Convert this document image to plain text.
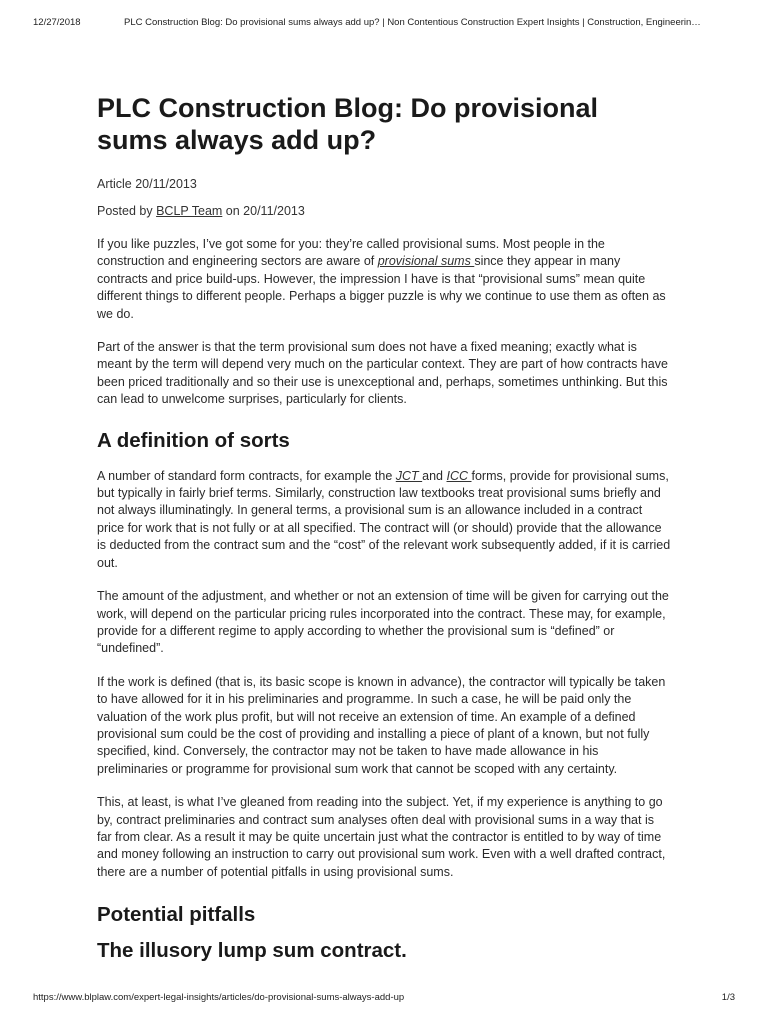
12/27/2018	PLC Construction Blog: Do provisional sums always add up? | Non Contentious Construction Expert Insights | Construction, Engineerin…
PLC Construction Blog: Do provisional sums always add up?

Article 20/11/2013

Posted by BCLP Team on 20/11/2013

If you like puzzles, I’ve got some for you: they’re called provisional sums. Most people in the construction and engineering sectors are aware of provisional sums since they appear in many contracts and price build-ups. However, the impression I have is that “provisional sums” mean quite different things to different people. Perhaps a bigger puzzle is why we continue to use them as often as we do.

Part of the answer is that the term provisional sum does not have a fixed meaning; exactly what is meant by the term will depend very much on the particular context. They are part of how contracts have been priced traditionally and so their use is unexceptional and, perhaps, sometimes unthinking. But this can lead to unwelcome surprises, particularly for clients.

A definition of sorts

A number of standard form contracts, for example the JCT and ICC forms, provide for provisional sums, but typically in fairly brief terms. Similarly, construction law textbooks treat provisional sums briefly and not always illuminatingly. In general terms, a provisional sum is an allowance included in a contract price for work that is not fully or at all specified. The contract will (or should) provide that the allowance is deducted from the contract sum and the “cost” of the relevant work subsequently added, if it is carried out.

The amount of the adjustment, and whether or not an extension of time will be given for carrying out the work, will depend on the particular pricing rules incorporated into the contract. These may, for example, provide for a different regime to apply according to whether the provisional sum is “defined” or “undefined”.

If the work is defined (that is, its basic scope is known in advance), the contractor will typically be taken to have allowed for it in his preliminaries and programme. In such a case, he will be paid only the valuation of the work plus profit, but will not receive an extension of time. An example of a defined provisional sum could be the cost of providing and installing a piece of plant of a known, but not fully specified, kind. Conversely, the contractor may not be taken to have made allowance in his preliminaries or programme for provisional sum work that cannot be scoped with any certainty.

This, at least, is what I’ve gleaned from reading into the subject. Yet, if my experience is anything to go by, contract preliminaries and contract sum analyses often deal with provisional sums in a way that is far from clear. As a result it may be quite uncertain just what the contractor is entitled to by way of time and money following an instruction to carry out provisional sum work. Even with a well drafted contract, there are a number of potential pitfalls in using provisional sums.

Potential pitfalls
The illusory lump sum contract.
https://www.blplaw.com/expert-legal-insights/articles/do-provisional-sums-always-add-up	1/3
